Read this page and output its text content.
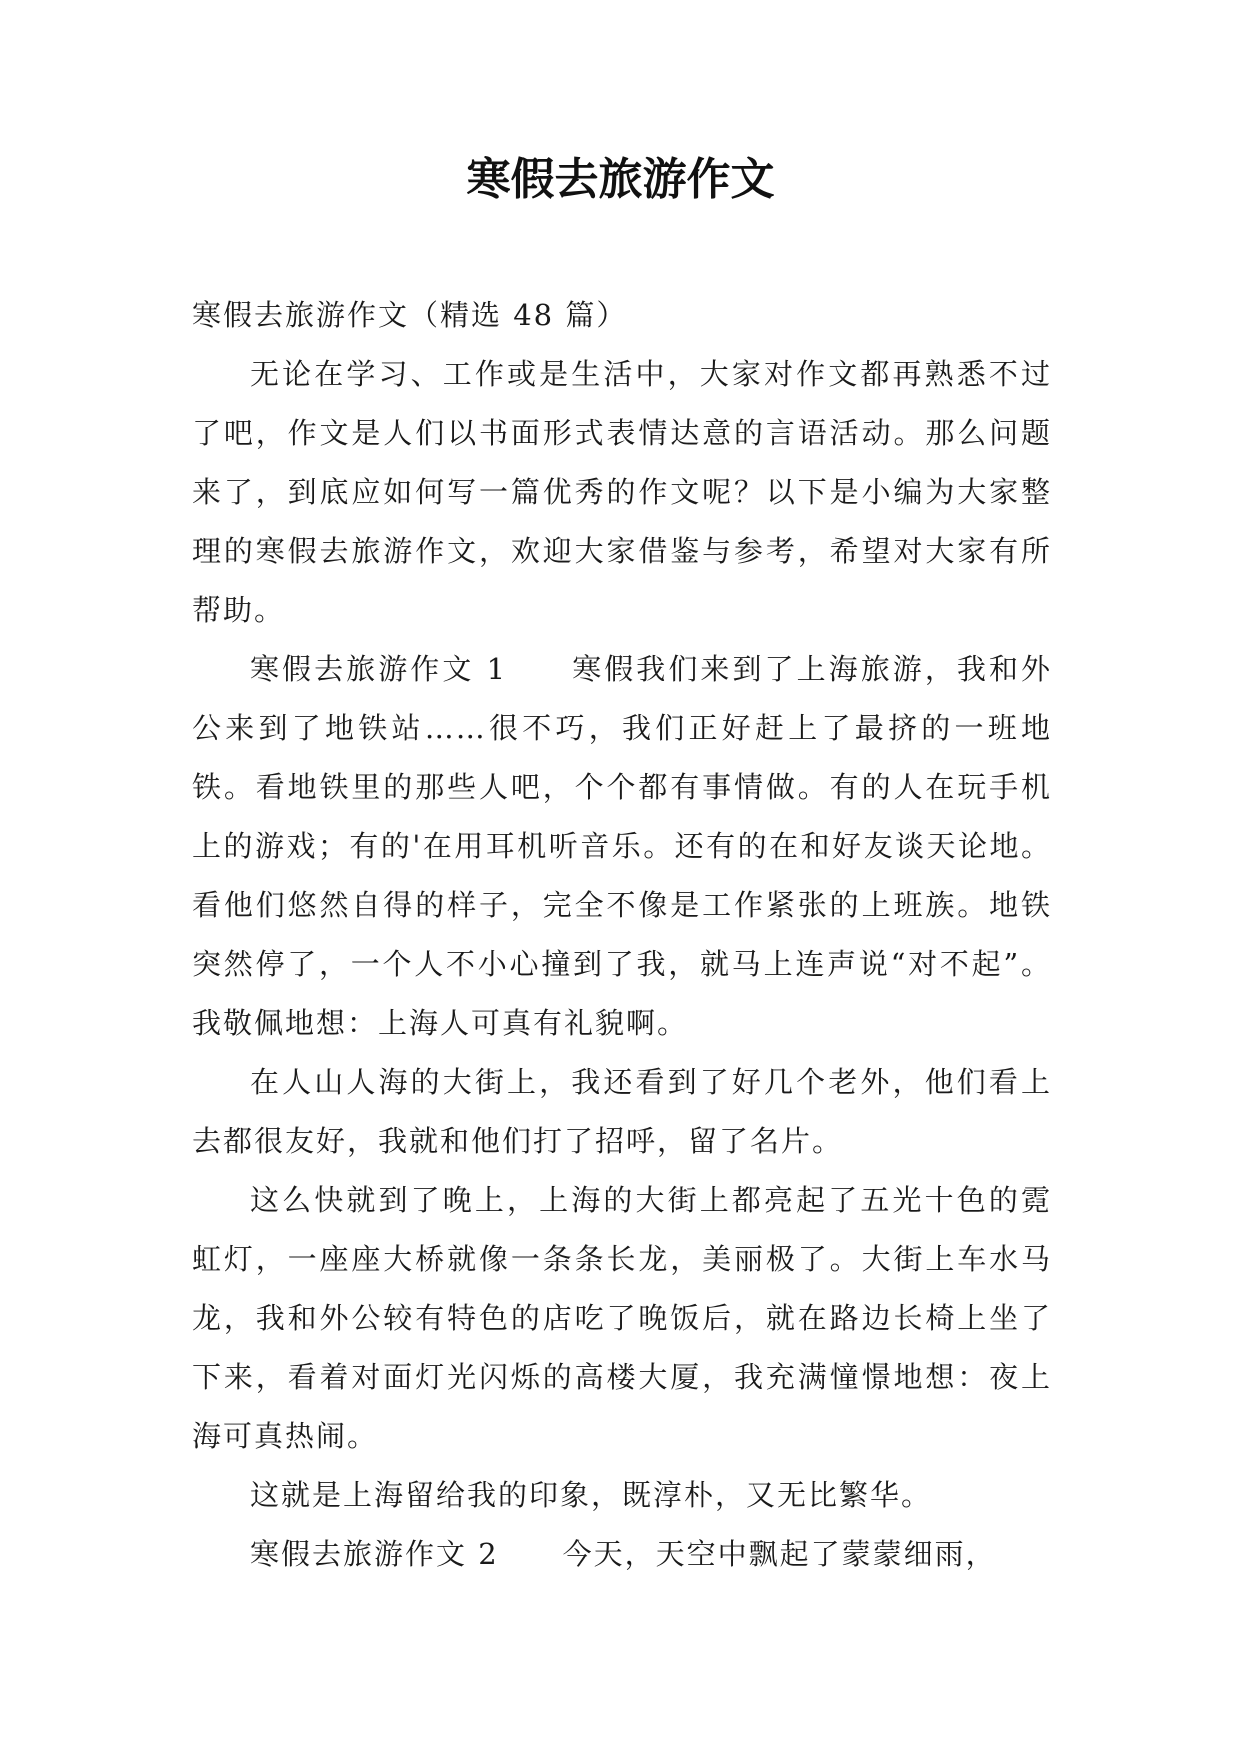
寒假去旅游作文

寒假去旅游作文（精选 48 篇）

无论在学习、工作或是生活中，大家对作文都再熟悉不过了吧，作文是人们以书面形式表情达意的言语活动。那么问题来了，到底应如何写一篇优秀的作文呢？以下是小编为大家整理的寒假去旅游作文，欢迎大家借鉴与参考，希望对大家有所帮助。

寒假去旅游作文 1 寒假我们来到了上海旅游，我和外公来到了地铁站……很不巧，我们正好赶上了最挤的一班地铁。看地铁里的那些人吧，个个都有事情做。有的人在玩手机上的游戏；有的'在用耳机听音乐。还有的在和好友谈天论地。看他们悠然自得的样子，完全不像是工作紧张的上班族。地铁突然停了，一个人不小心撞到了我，就马上连声说“对不起”。我敬佩地想：上海人可真有礼貌啊。

在人山人海的大街上，我还看到了好几个老外，他们看上去都很友好，我就和他们打了招呼，留了名片。

这么快就到了晚上，上海的大街上都亮起了五光十色的霓虹灯，一座座大桥就像一条条长龙，美丽极了。大街上车水马龙，我和外公较有特色的店吃了晚饭后，就在路边长椅上坐了下来，看着对面灯光闪烁的高楼大厦，我充满憧憬地想：夜上海可真热闹。

这就是上海留给我的印象，既淳朴，又无比繁华。

寒假去旅游作文 2 今天，天空中飘起了蒙蒙细雨，
